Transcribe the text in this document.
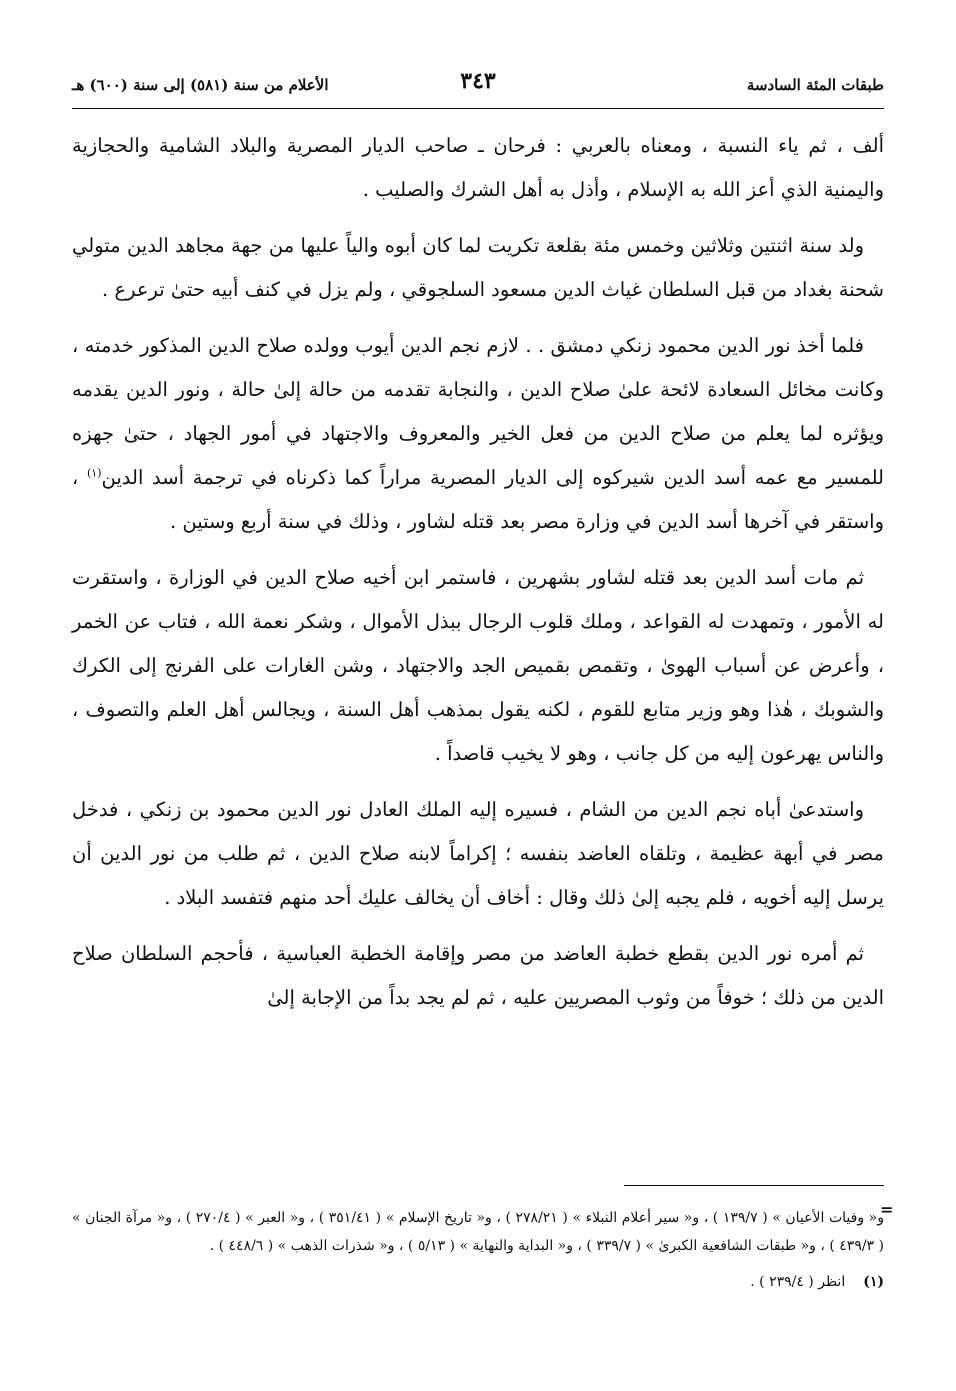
طبقات المئة السادسة
٣٤٣
الأعلام من سنة (٥٨١) إلى سنة (٦٠٠) هـ

ألف ، ثم ياء النسبة ، ومعناه بالعربي : فرحان ـ صاحب الديار المصرية والبلاد الشامية والحجازية واليمنية الذي أعز الله به الإسلام ، وأذل به أهل الشرك والصليب .

ولد سنة اثنتين وثلاثين وخمس مئة بقلعة تكريت لما كان أبوه والياً عليها من جهة مجاهد الدين متولي شحنة بغداد من قبل السلطان غياث الدين مسعود السلجوقي ، ولم يزل في كنف أبيه حتىٰ ترعرع .

فلما أخذ نور الدين محمود زنكي دمشق . . لازم نجم الدين أيوب وولده صلاح الدين المذكور خدمته ، وكانت مخائل السعادة لائحة علىٰ صلاح الدين ، والنجابة تقدمه من حالة إلىٰ حالة ، ونور الدين يقدمه ويؤثره لما يعلم من صلاح الدين من فعل الخير والمعروف والاجتهاد في أمور الجهاد ، حتىٰ جهزه للمسير مع عمه أسد الدين شيركوه إلى الديار المصرية مراراً كما ذكرناه في ترجمة أسد الدين$^{(١)}$ ، واستقر في آخرها أسد الدين في وزارة مصر بعد قتله لشاور ، وذلك في سنة أربع وستين .

ثم مات أسد الدين بعد قتله لشاور بشهرين ، فاستمر ابن أخيه صلاح الدين في الوزارة ، واستقرت له الأمور ، وتمهدت له القواعد ، وملك قلوب الرجال ببذل الأموال ، وشكر نعمة الله ، فتاب عن الخمر ، وأعرض عن أسباب الهوىٰ ، وتقمص بقميص الجد والاجتهاد ، وشن الغارات على الفرنج إلى الكرك والشوبك ، هٰذا وهو وزير متابع للقوم ، لكنه يقول بمذهب أهل السنة ، ويجالس أهل العلم والتصوف ، والناس يهرعون إليه من كل جانب ، وهو لا يخيب قاصداً .

واستدعىٰ أباه نجم الدين من الشام ، فسيره إليه الملك العادل نور الدين محمود بن زنكي ، فدخل مصر في أبهة عظيمة ، وتلقاه العاضد بنفسه ؛ إكراماً لابنه صلاح الدين ، ثم طلب من نور الدين أن يرسل إليه أخويه ، فلم يجبه إلىٰ ذلك وقال : أخاف أن يخالف عليك أحد منهم فتفسد البلاد .

ثم أمره نور الدين بقطع خطبة العاضد من مصر وإقامة الخطبة العباسية ، فأحجم السلطان صلاح الدين من ذلك ؛ خوفاً من وثوب المصريين عليه ، ثم لم يجد بداً من الإجابة إلىٰ

=

و« وفيات الأعيان » ( ١٣٩/٧ ) ، و« سير أعلام النبلاء » ( ٢٧٨/٢١ ) ، و« تاريخ الإسلام » ( ٣٥١/٤١ ) ، و« العبر » ( ٢٧٠/٤ ) ، و« مرآة الجنان » ( ٤٣٩/٣ ) ، و« طبقات الشافعية الكبرىٰ » ( ٣٣٩/٧ ) ، و« البداية والنهاية » ( ٥/١٣ ) ، و« شذرات الذهب » ( ٤٤٨/٦ ) .

(١)انظر ( ٢٣٩/٤ ) .
